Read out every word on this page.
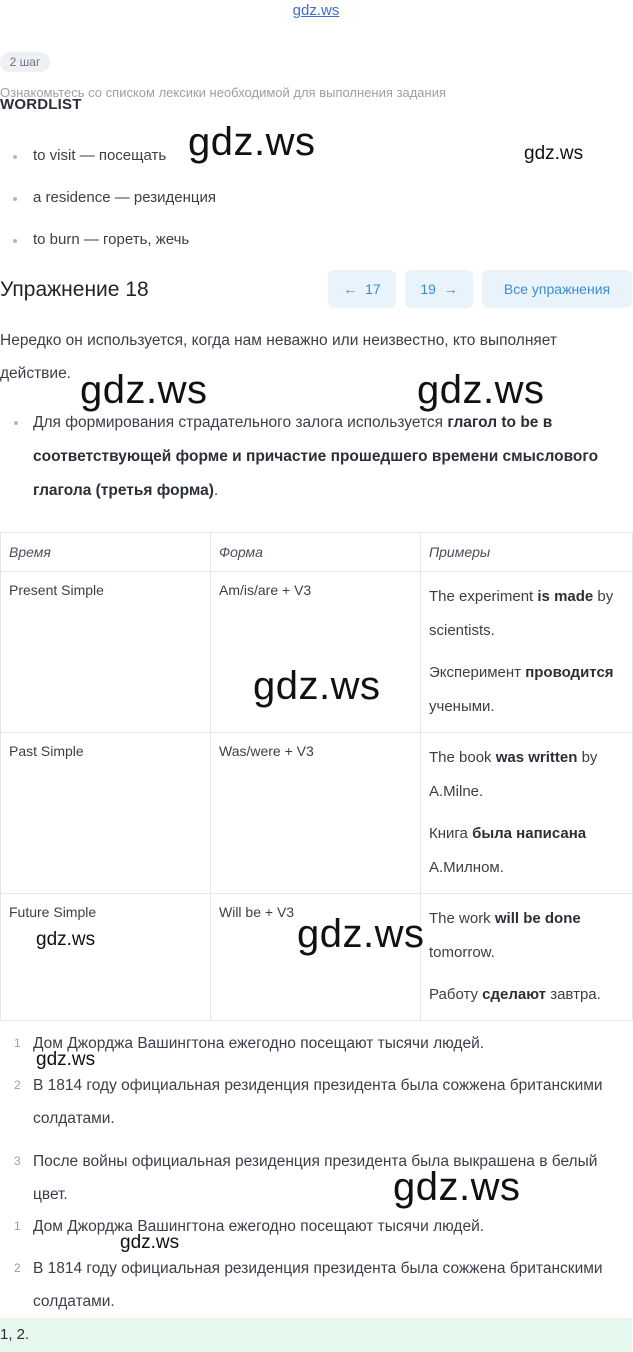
gdz.ws
2 шаг
Ознакомьтесь со списком лексики необходимой для выполнения задания
WORDLIST
to visit — посещать
a residence — резиденция
to burn — гореть, жечь
Упражнение 18	← 17	19 →	Все упражнения
Нередко он используется, когда нам неважно или неизвестно, кто выполняет действие.
Для формирования страдательного залога используется глагол to be в соответствующей форме и причастие прошедшего времени смыслового глагола (третья форма).
Время	Форма	Примеры
Present Simple	Am/is/are + V3	The experiment is made by scientists.

Эксперимент проводится учеными.

Past Simple	Was/were + V3	The book was written by A.Milne.

Книга была написана А.Милном.

Future Simple	Will be + V3	The work will be done tomorrow.

Работу сделают завтра.

1. 1 Дом Джорджа Вашингтона ежегодно посещают тысячи людей.
2. 2 В 1814 году официальная резиденция президента была сожжена британскими солдатами.
3. 3 После войны официальная резиденция президента была выкрашена в белый цвет.
4. 1 Дом Джорджа Вашингтона ежегодно посещают тысячи людей.
5. 2 В 1814 году официальная резиденция президента была сожжена британскими солдатами.
1, 2.
gdz.ws	gdz.ws
gdz.ws	gdz.ws
gdz.ws
gdz.ws
gdz.ws
gdz.ws
gdz.ws
gdz.ws
